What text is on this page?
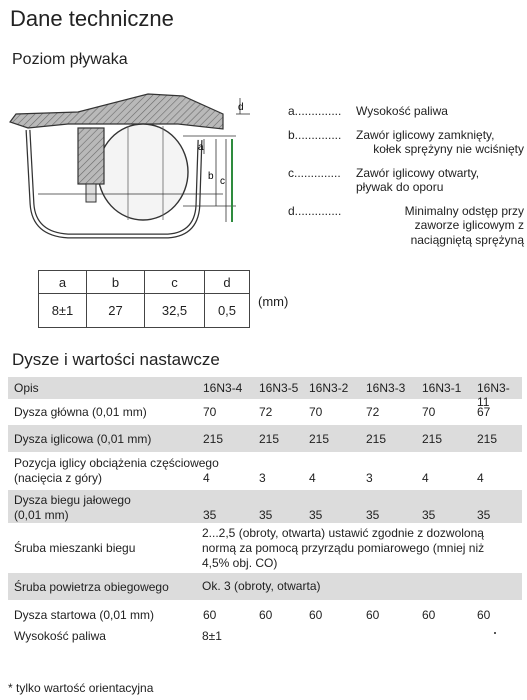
Dane techniczne
Poziom pływaka
d
a
b c
a.............. Wysokość paliwa
b.............. Zawór iglicowy zamknięty,
kołek sprężyny nie wciśnięty
c.............. Zawór iglicowy otwarty,
pływak do oporu
d..............	Minimalny odstęp przy
zaworze iglicowym z
naciągniętą sprężyną
a	b	c	d
8±1	27	32,5	0,5
(mm)
Dysze i wartości nastawcze
Opis	16N3-4 16N3-5 16N3-2 16N3-3 16N3-1 16N3-11
Dysza główna (0,01 mm)	70	72	70	72	70	67
Dysza iglicowa (0,01 mm)	215	215 215	215	215	215
Pozycja iglicy obciążenia częściowego
(nacięcia z góry)	4	3	4	3	4	4
Dysza biegu jałowego
(0,01 mm)	35	35	35	35	35	35
Śruba mieszanki biegu
2...2,5 (obroty, otwarta) ustawić zgodnie z dozwoloną
normą za pomocą przyrządu pomiarowego (mniej niż
4,5% obj. CO)
Śruba powietrza obiegowego	Ok. 3 (obroty, otwarta)
Dysza startowa (0,01 mm)	60	60	60	60	60	60
Wysokość paliwa	8±1
* tylko wartość orientacyjna
